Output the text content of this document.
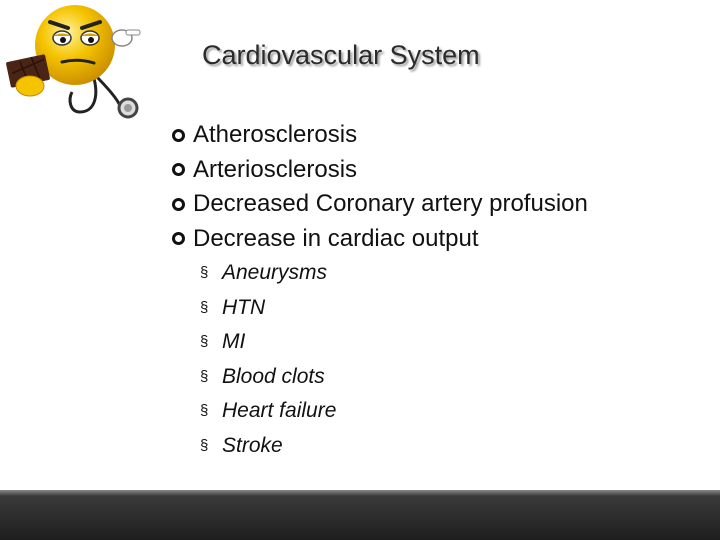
Cardiovascular System
Atherosclerosis
Arteriosclerosis
Decreased Coronary artery profusion
Decrease in cardiac output
§ Aneurysms
§ HTN
§ MI
§ Blood clots
§ Heart failure
§ Stroke
